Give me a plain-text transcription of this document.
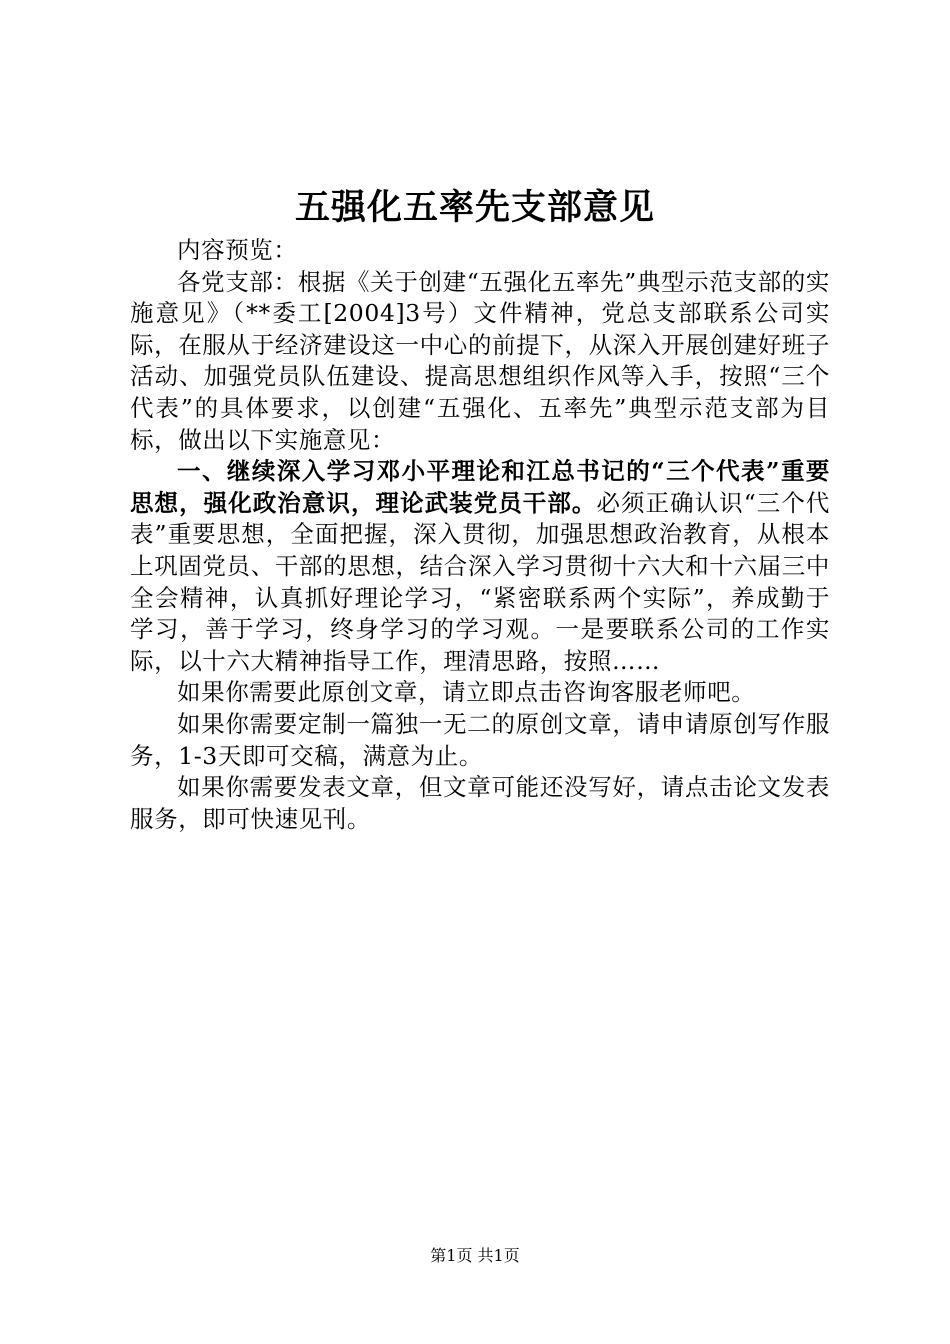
五强化五率先支部意见

内容预览：

各党支部：根据《关于创建“五强化五率先”典型示范支部的实施意见》（**委工[2004]3号）文件精神，党总支部联系公司实际，在服从于经济建设这一中心的前提下，从深入开展创建好班子活动、加强党员队伍建设、提高思想组织作风等入手，按照“三个代表”的具体要求，以创建“五强化、五率先”典型示范支部为目标，做出以下实施意见：

一、继续深入学习邓小平理论和江总书记的“三个代表”重要思想，强化政治意识，理论武装党员干部。必须正确认识“三个代表”重要思想，全面把握，深入贯彻，加强思想政治教育，从根本上巩固党员、干部的思想，结合深入学习贯彻十六大和十六届三中全会精神，认真抓好理论学习，“紧密联系两个实际”，养成勤于学习，善于学习，终身学习的学习观。一是要联系公司的工作实际，以十六大精神指导工作，理清思路，按照……

如果你需要此原创文章，请立即点击咨询客服老师吧。

如果你需要定制一篇独一无二的原创文章，请申请原创写作服务，1-3天即可交稿，满意为止。

如果你需要发表文章，但文章可能还没写好，请点击论文发表服务，即可快速见刊。

第1页 共1页
